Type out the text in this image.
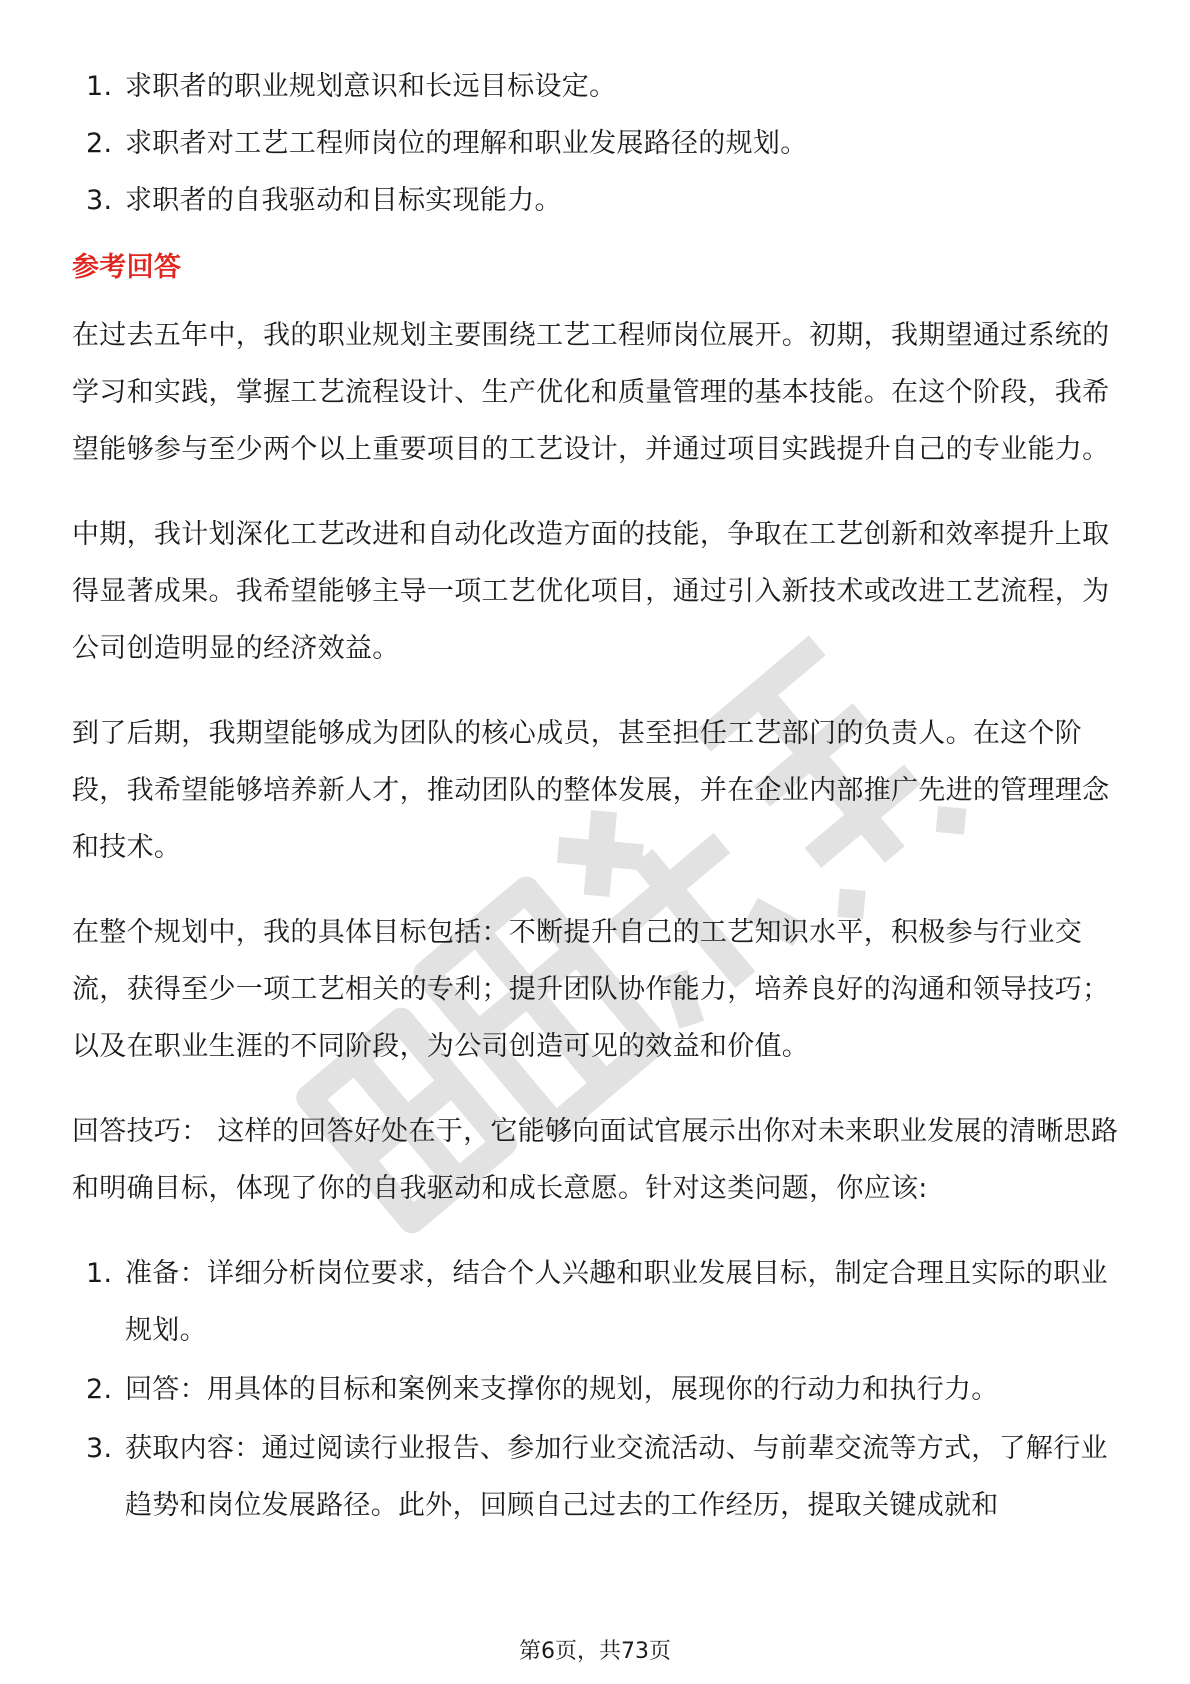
1. 求职者的职业规划意识和长远目标设定。
2. 求职者对工艺工程师岗位的理解和职业发展路径的规划。
3. 求职者的自我驱动和目标实现能力。
参考回答

在过去五年中，我的职业规划主要围绕工艺工程师岗位展开。初期，我期望通过系统的学习和实践，掌握工艺流程设计、生产优化和质量管理的基本技能。在这个阶段，我希望能够参与至少两个以上重要项目的工艺设计，并通过项目实践提升自己的专业能力。

中期，我计划深化工艺改进和自动化改造方面的技能，争取在工艺创新和效率提升上取得显著成果。我希望能够主导一项工艺优化项目，通过引入新技术或改进工艺流程，为公司创造明显的经济效益。

到了后期，我期望能够成为团队的核心成员，甚至担任工艺部门的负责人。在这个阶段，我希望能够培养新人才，推动团队的整体发展，并在企业内部推广先进的管理理念和技术。

在整个规划中，我的具体目标包括：不断提升自己的工艺知识水平，积极参与行业交流，获得至少一项工艺相关的专利；提升团队协作能力，培养良好的沟通和领导技巧；以及在职业生涯的不同阶段，为公司创造可见的效益和价值。

回答技巧： 这样的回答好处在于，它能够向面试官展示出你对未来职业发展的清晰思路和明确目标，体现了你的自我驱动和成长意愿。针对这类问题，你应该:

1. 准备：详细分析岗位要求，结合个人兴趣和职业发展目标，制定合理且实际的职业规划。
2. 回答：用具体的目标和案例来支撑你的规划，展现你的行动力和执行力。
3. 获取内容：通过阅读行业报告、参加行业交流活动、与前辈交流等方式，了解行业趋势和岗位发展路径。此外，回顾自己过去的工作经历，提取关键成就和
第6页，共73页
